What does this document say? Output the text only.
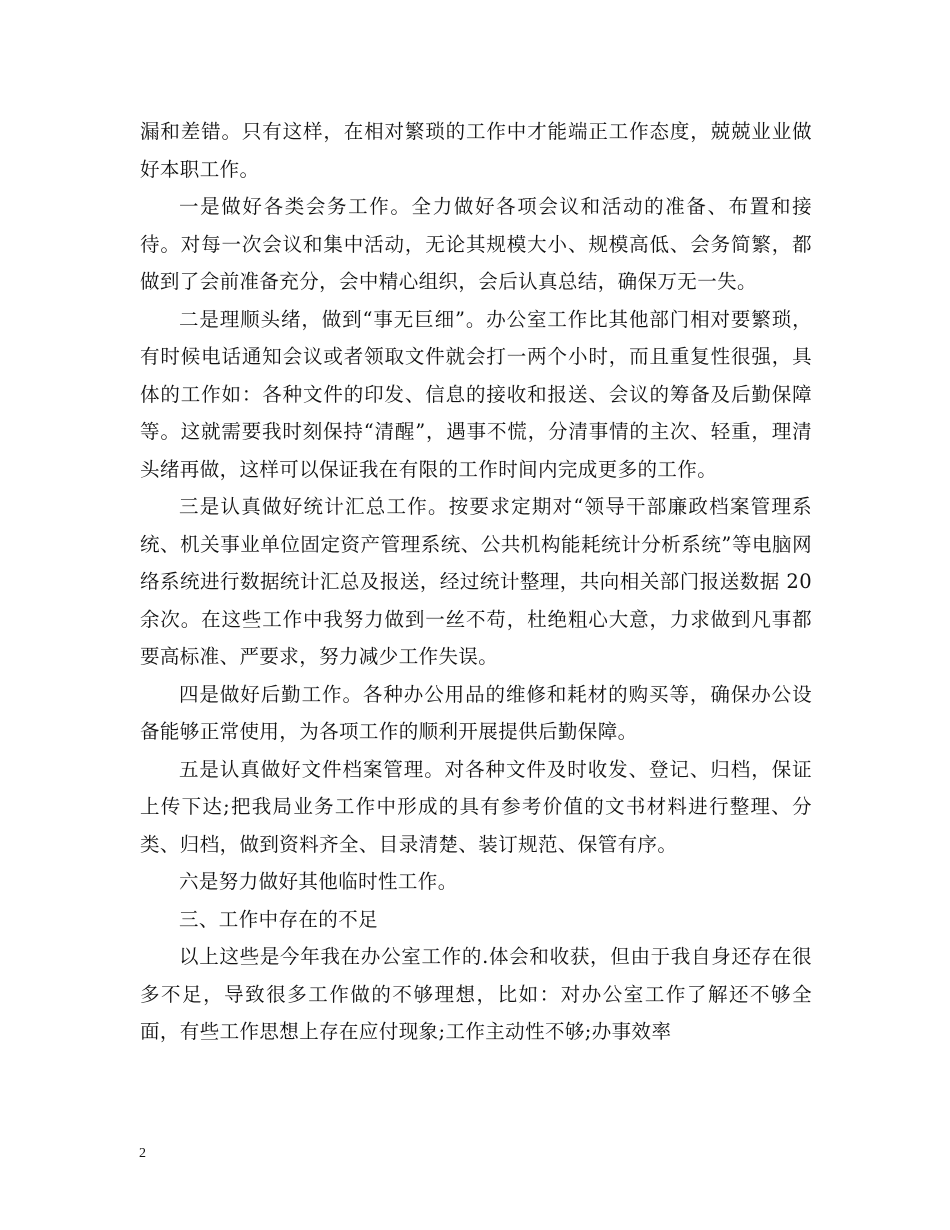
漏和差错。只有这样，在相对繁琐的工作中才能端正工作态度，兢兢业业做好本职工作。

一是做好各类会务工作。全力做好各项会议和活动的准备、布置和接待。对每一次会议和集中活动，无论其规模大小、规模高低、会务简繁，都做到了会前准备充分，会中精心组织，会后认真总结，确保万无一失。

二是理顺头绪，做到“事无巨细”。办公室工作比其他部门相对要繁琐，有时候电话通知会议或者领取文件就会打一两个小时，而且重复性很强，具体的工作如：各种文件的印发、信息的接收和报送、会议的筹备及后勤保障等。这就需要我时刻保持“清醒”，遇事不慌，分清事情的主次、轻重，理清头绪再做，这样可以保证我在有限的工作时间内完成更多的工作。

三是认真做好统计汇总工作。按要求定期对“领导干部廉政档案管理系统、机关事业单位固定资产管理系统、公共机构能耗统计分析系统”等电脑网络系统进行数据统计汇总及报送，经过统计整理，共向相关部门报送数据 20 余次。在这些工作中我努力做到一丝不苟，杜绝粗心大意，力求做到凡事都要高标准、严要求，努力减少工作失误。

四是做好后勤工作。各种办公用品的维修和耗材的购买等，确保办公设备能够正常使用，为各项工作的顺利开展提供后勤保障。

五是认真做好文件档案管理。对各种文件及时收发、登记、归档，保证上传下达;把我局业务工作中形成的具有参考价值的文书材料进行整理、分类、归档，做到资料齐全、目录清楚、装订规范、保管有序。

六是努力做好其他临时性工作。

三、工作中存在的不足

以上这些是今年我在办公室工作的.体会和收获，但由于我自身还存在很多不足，导致很多工作做的不够理想，比如：对办公室工作了解还不够全面，有些工作思想上存在应付现象;工作主动性不够;办事效率

2
